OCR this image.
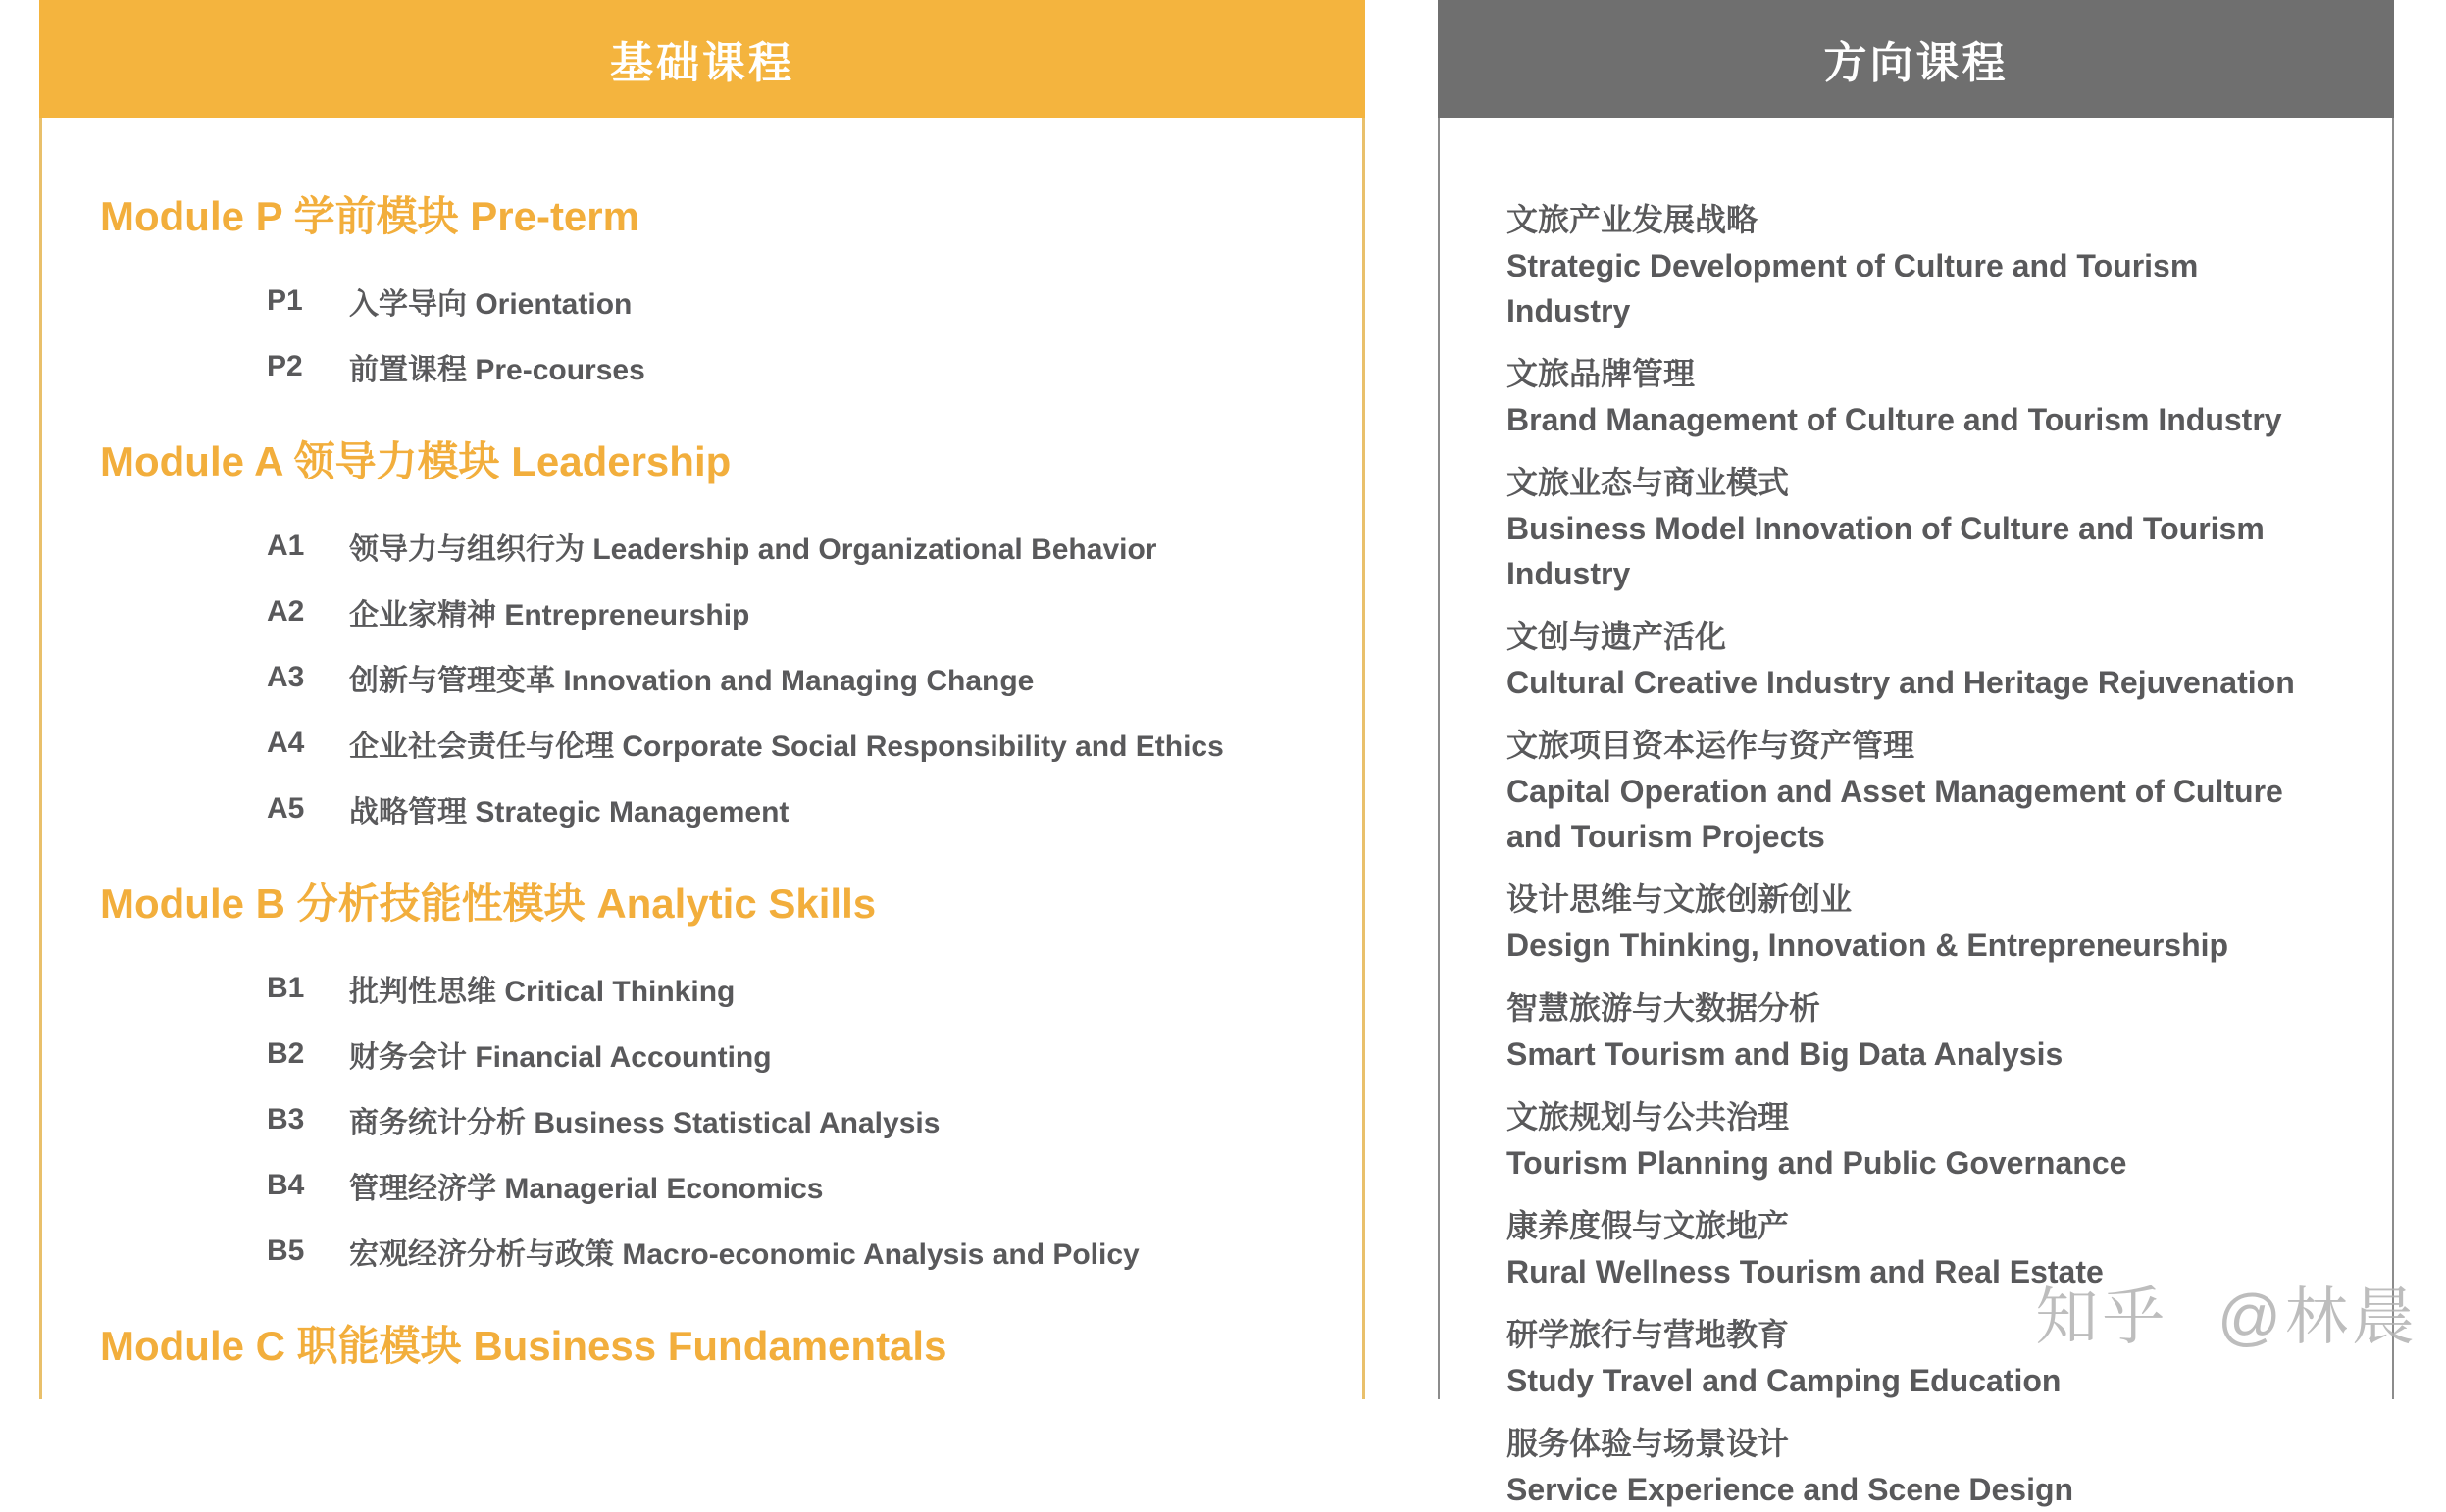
基础课程
Module P 学前模块 Pre-term
P1	入学导向 Orientation
P2	前置课程 Pre-courses
Module A 领导力模块 Leadership
A1	领导力与组织行为 Leadership and Organizational Behavior
A2	企业家精神 Entrepreneurship
A3	创新与管理变革 Innovation and Managing Change
A4	企业社会责任与伦理 Corporate Social Responsibility and Ethics
A5	战略管理 Strategic Management
Module B 分析技能性模块 Analytic Skills
B1	批判性思维 Critical Thinking
B2	财务会计 Financial Accounting
B3	商务统计分析 Business Statistical Analysis
B4	管理经济学 Managerial Economics
B5	宏观经济分析与政策 Macro-economic Analysis and Policy
Module C 职能模块 Business Fundamentals
方向课程
文旅产业发展战略
Strategic Development of Culture and Tourism Industry
文旅品牌管理
Brand Management of Culture and Tourism Industry
文旅业态与商业模式
Business Model Innovation of Culture and Tourism Industry
文创与遗产活化
Cultural Creative Industry and Heritage Rejuvenation
文旅项目资本运作与资产管理
Capital Operation and Asset Management of Culture and Tourism Projects
设计思维与文旅创新创业
Design Thinking, Innovation & Entrepreneurship
智慧旅游与大数据分析
Smart Tourism and Big Data Analysis
文旅规划与公共治理
Tourism Planning and Public Governance
康养度假与文旅地产
Rural Wellness Tourism and Real Estate
研学旅行与营地教育
Study Travel and Camping Education
服务体验与场景设计
Service Experience and Scene Design
知乎 @林晨
